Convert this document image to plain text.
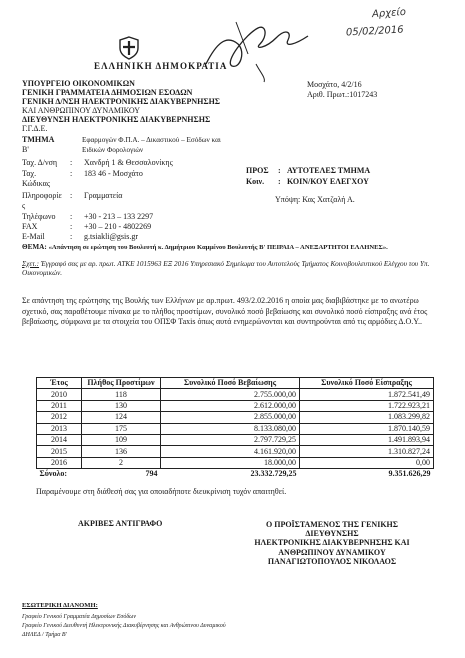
Αρχείο
05/02/2016
ΕΛΛΗΝΙΚΗ ΔΗΜΟΚΡΑΤΙΑ
ΥΠΟΥΡΓΕΙΟ ΟΙΚΟΝΟΜΙΚΩΝ
ΓΕΝΙΚΗ ΓΡΑΜΜΑΤΕΙΑ ΔΗΜΟΣΙΩΝ ΕΣΟΔΩΝ
ΓΕΝΙΚΗ Δ/ΝΣΗ ΗΛΕΚΤΡΟΝΙΚΗΣ ΔΙΑΚΥΒΕΡΝΗΣΗΣ
ΚΑΙ ΑΝΘΡΩΠΙΝΟΥ ΔΥΝΑΜΙΚΟΥ
ΔΙΕΥΘΥΝΣΗ ΗΛΕΚΤΡΟΝΙΚΗΣ ΔΙΑΚΥΒΕΡΝΗΣΗΣ
Γ.Γ.Δ.Ε.
ΤΜΗΜΑ
Β'
Εφαρμογών Φ.Π.Α. – Δικαστικού – Εσόδων και
Ειδικών Φορολογιών
Μοσχάτο, 4/2/16
Αριθ. Πρωτ.:1017243
Ταχ. Δ/νση : Χανδρή 1 & Θεσσαλονίκης
Ταχ.
Κώδικας
: 183 46 - Μοσχάτο
Πληροφορίε
ς
: Γραμματεία
Τηλέφωνο : +30 - 213 – 133 2297
FAX	: +30 – 210 - 4802269
E-Mail	: g.tsiakli@gsis.gr
ΠΡΟΣ : ΑΥΤΟΤΕΛΕΣ ΤΜΗΜΑ
Κοιν. : ΚΟΙΝ/ΚΟΥ ΕΛΕΓΧΟΥ
Υπόψη: Κας Χατζαλή Α.
ΘΕΜΑ: «Απάντηση σε ερώτηση του Βουλευτή κ. Δημήτριου Καμμένου Βουλευτής Β' ΠΕΙΡΑΙΑ – ΑΝΕΞΑΡΤΗΤΟΙ ΕΛΛΗΝΕΣ».
Σχετ.: Έγγραφό σας με αρ. πρωτ. ΑΤΚΕ 1015963 ΕΞ 2016 Υπηρεσιακό Σημείωμα του Αυτοτελούς Τμήματος Κοινοβουλευτικού Ελέγχου του Υπ. Οικονομικών.
Σε απάντηση της ερώτησης της Βουλής των Ελλήνων με αρ.πρωτ. 493/2.02.2016 η οποία μας διαβιβάστηκε με το ανωτέρω σχετικό, σας παραθέτουμε πίνακα με το πλήθος προστίμων, συνολικό ποσό βεβαίωσης και συνολικό ποσό είσπραξης ανά έτος βεβαίωσης, σύμφωνα με τα στοιχεία του ΟΠΣΦ Taxis όπως αυτά ενημερώνονται και συντηρούνται από τις αρμόδιες Δ.Ο.Υ..
Έτος	Πλήθος Προστίμων	Συνολικό Ποσό Βεβαίωσης	Συνολικό Ποσό Είσπραξης
2010	118	2.755.000,00	1.872.541,49
2011	130	2.612.000,00	1.722.923,21
2012	124	2.855.000,00	1.083.299,82
2013	175	8.133.080,00	1.870.140,59
2014	109	2.797.729,25	1.491.893,94
2015	136	4.161.920,00	1.310.827,24
2016	2	18.000,00	0,00
Σύνολο:	794	23.332.729,25	9.351.626,29
Παραμένουμε στη διάθεσή σας για οποιαδήποτε διευκρίνιση τυχόν απαιτηθεί.
ΑΚΡΙΒΕΣ ΑΝΤΙΓΡΑΦΟ	Ο ΠΡΟΪΣΤΑΜΕΝΟΣ ΤΗΣ ΓΕΝΙΚΗΣ
ΔΙΕΥΘΥΝΣΗΣ
ΗΛΕΚΤΡΟΝΙΚΗΣ ΔΙΑΚΥΒΕΡΝΗΣΗΣ ΚΑΙ
ΑΝΘΡΩΠΙΝΟΥ ΔΥΝΑΜΙΚΟΥ
ΠΑΝΑΓΙΩΤΟΠΟΥΛΟΣ ΝΙΚΟΛΑΟΣ
ΕΣΩΤΕΡΙΚΗ ΔΙΑΝΟΜΗ:
Γραφείο Γενικού Γραμματέα Δημοσίων Εσόδων
Γραφείο Γενικού Διευθυντή Ηλεκτρονικής Διακυβέρνησης και Ανθρώπινου Δυναμικού
ΔΗΛΕΔ / Τμήμα Β'
